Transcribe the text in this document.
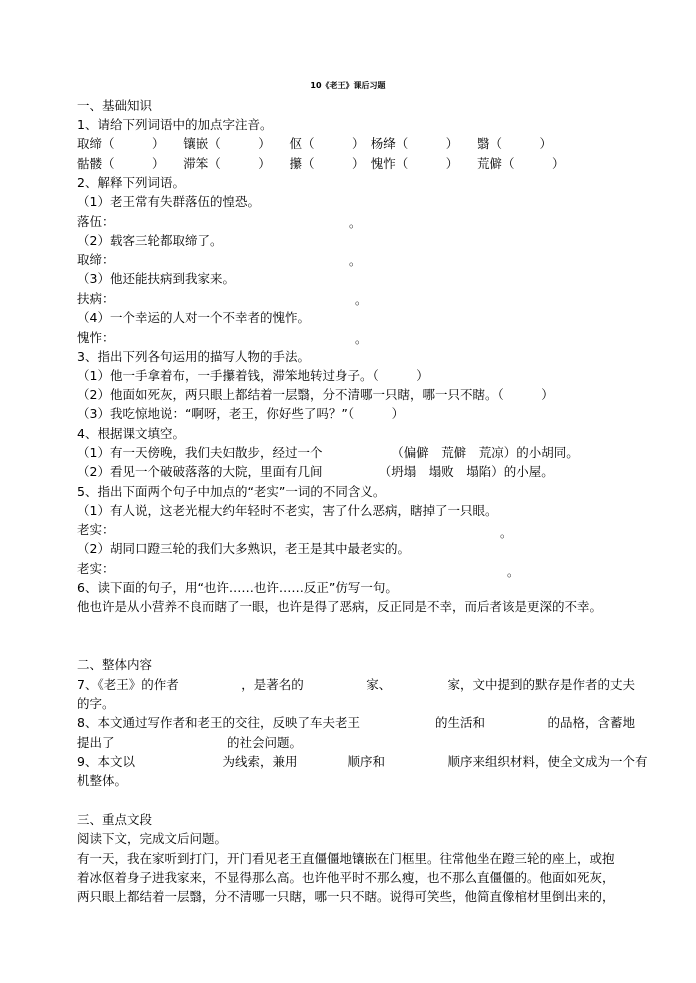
10《老王》课后习题
一、基础知识
1、请给下列词语中的加点字注音。
取缔（　　　）　　镶嵌（　　　）　　伛（　　　）　杨绛（　　　）　　翳（　　　）
骷髅（　　　）　　滞笨（　　　）　　攥（　　　）　愧怍（　　　）　　荒僻（　　　）
2、解释下列词语。
（1）老王常有失群落伍的惶恐。
落伍：	。
（2）载客三轮都取缔了。
取缔：	。
（3）他还能扶病到我家来。
扶病：	。
（4）一个幸运的人对一个不幸者的愧怍。
愧怍：	。
3、指出下列各句运用的描写人物的手法。
（1）他一手拿着布，一手攥着钱，滞笨地转过身子。（　　　）
（2）他面如死灰，两只眼上都结着一层翳，分不清哪一只瞎，哪一只不瞎。（　　　）
（3）我吃惊地说：“啊呀，老王，你好些了吗？”（　　　）
4、根据课文填空。
（1）有一天傍晚，我们夫妇散步，经过一个　　　　　　（偏僻　荒僻　荒凉）的小胡同。
（2）看见一个破破落落的大院，里面有几间　　　　　（坍塌　塌败　塌陷）的小屋。
5、指出下面两个句子中加点的“老实”一词的不同含义。
（1）有人说，这老光棍大约年轻时不老实，害了什么恶病，瞎掉了一只眼。
老实：	。
（2）胡同口蹬三轮的我们大多熟识，老王是其中最老实的。
老实：	。
6、读下面的句子，用“也许……也许……反正”仿写一句。
他也许是从小营养不良而瞎了一眼，也许是得了恶病，反正同是不幸，而后者该是更深的不幸。
二、整体内容
7、《老王》的作者　　　　　，是著名的　　　　　家、　　　　　家，文中提到的默存是作者的丈夫
的字。
8、本文通过写作者和老王的交往，反映了车夫老王　　　　　　的生活和　　　　　的品格，含蓄地
提出了　　　　　　　　　的社会问题。
9、本文以　　　　　　　为线索，兼用　　　　顺序和　　　　　顺序来组织材料，使全文成为一个有
机整体。
三、重点文段
阅读下文，完成文后问题。
有一天，我在家听到打门，开门看见老王直僵僵地镶嵌在门框里。往常他坐在蹬三轮的座上，或抱
着冰伛着身子进我家来，不显得那么高。也许他平时不那么瘦，也不那么直僵僵的。他面如死灰，
两只眼上都结着一层翳，分不清哪一只瞎，哪一只不瞎。说得可笑些，他简直像棺材里倒出来的，
